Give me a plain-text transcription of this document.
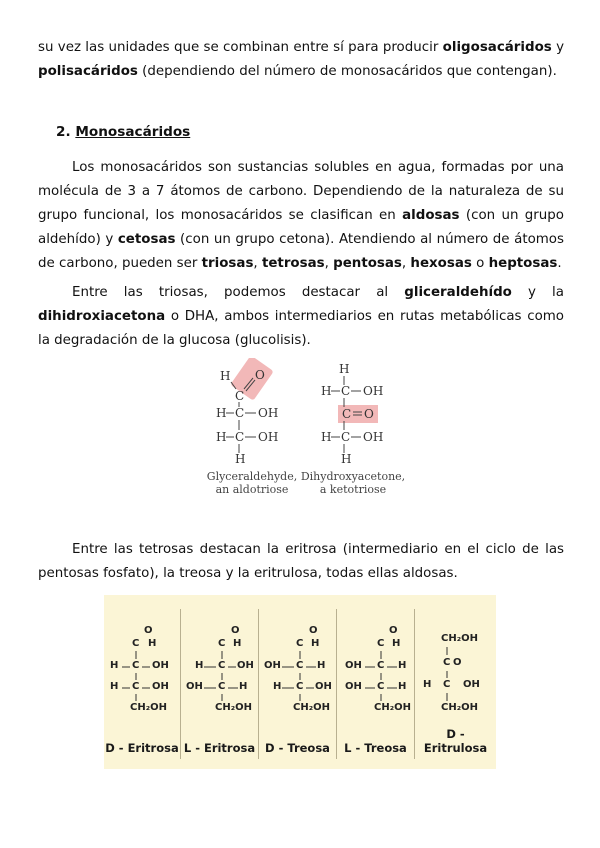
su vez las unidades que se combinan entre sí para producir oligosacáridos y polisacáridos (dependiendo del número de monosacáridos que contengan).

2. Monosacáridos

Los monosacáridos son sustancias solubles en agua, formadas por una molécula de 3 a 7 átomos de carbono. Dependiendo de la naturaleza de su grupo funcional, los monosacáridos se clasifican en aldosas (con un grupo aldehído) y cetosas (con un grupo cetona). Atendiendo al número de átomos de carbono, pueden ser triosas, tetrosas, pentosas, hexosas o heptosas.

Entre las triosas, podemos destacar al gliceraldehído y la dihidroxiacetona o DHA, ambos intermediarios en rutas metabólicas como la degradación de la glucosa (glucolisis).

H O
C
H C OH
H C OH
H
H
H C OH
C O
H C OH
H
Glyceraldehyde,
an aldotriose
Dihydroxyacetone,
a ketotriose

Entre las tetrosas destacan la eritrosa (intermediario en el ciclo de las pentosas fosfato), la treosa y la eritrulosa, todas ellas aldosas.

O
C H
H C OH
H C OH
CH₂OH
D - Eritrosa
O
C H
H C OH
OH C H
CH₂OH
L - Eritrosa
O
C H
OH C H
H C OH
CH₂OH
D - Treosa
O
C H
OH C H
OH C H
CH₂OH
L - Treosa
CH₂OH
C O
H C OH
CH₂OH
D - Eritrulosa
